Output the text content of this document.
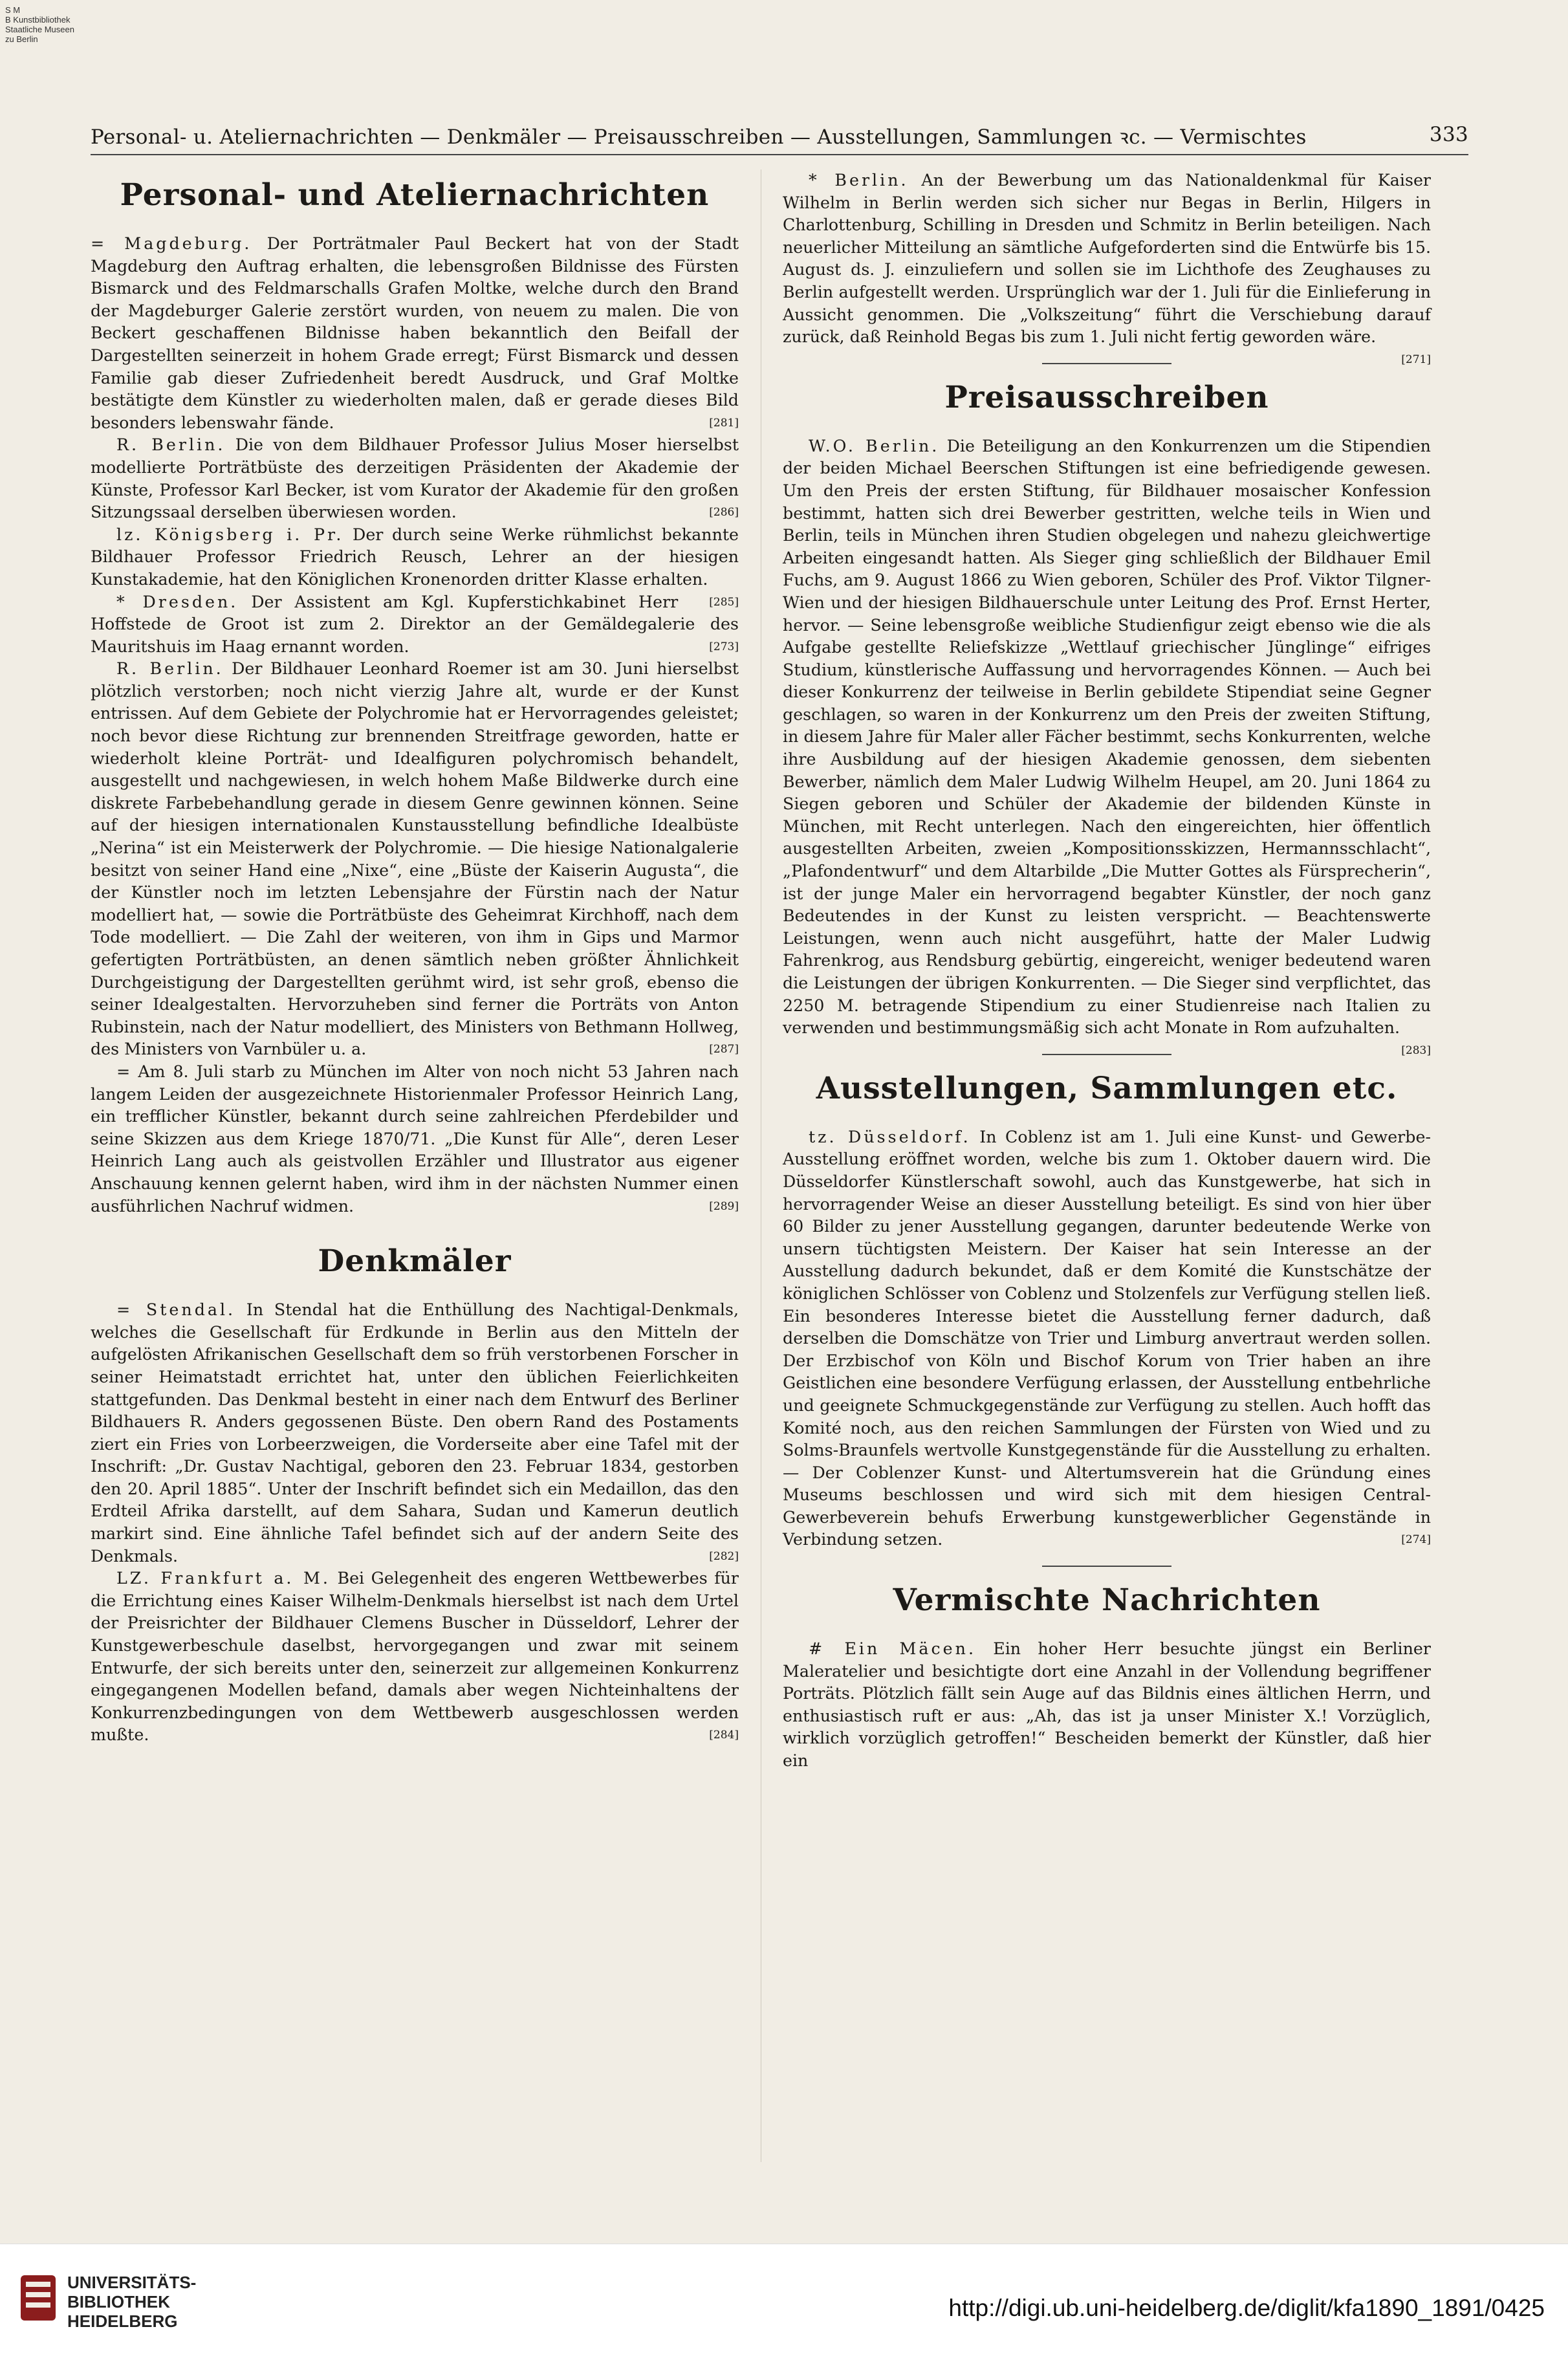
S M
B Kunstbibliothek
Staatliche Museen
zu Berlin
Personal- u. Ateliernachrichten — Denkmäler — Preisausschreiben — Ausstellungen, Sammlungen ꝛc. — Vermischtes	333
Personal- und Ateliernachrichten

= Magdeburg. Der Porträtmaler Paul Beckert hat von der Stadt Magdeburg den Auftrag erhalten, die lebensgroßen Bildnisse des Fürsten Bismarck und des Feldmarschalls Grafen Moltke, welche durch den Brand der Magdeburger Galerie zerstört wurden, von neuem zu malen. Die von Beckert geschaffenen Bildnisse haben bekanntlich den Beifall der Dargestellten seinerzeit in hohem Grade erregt; Fürst Bismarck und dessen Familie gab dieser Zufriedenheit beredt Ausdruck, und Graf Moltke bestätigte dem Künstler zu wiederholten malen, daß er gerade dieses Bild besonders lebenswahr fände.	[281]

R. Berlin. Die von dem Bildhauer Professor Julius Moser hierselbst modellierte Porträtbüste des derzeitigen Präsidenten der Akademie der Künste, Professor Karl Becker, ist vom Kurator der Akademie für den großen Sitzungssaal derselben überwiesen worden.	[286]

lz. Königsberg i. Pr. Der durch seine Werke rühmlichst bekannte Bildhauer Professor Friedrich Reusch, Lehrer an der hiesigen Kunstakademie, hat den Königlichen Kronenorden dritter Klasse erhalten.
[285]

* Dresden. Der Assistent am Kgl. Kupferstichkabinet Herr Hoffstede de Groot ist zum 2. Direktor an der Gemäldegalerie des Mauritshuis im Haag ernannt worden.	[273]

R. Berlin. Der Bildhauer Leonhard Roemer ist am 30. Juni hierselbst plötzlich verstorben; noch nicht vierzig Jahre alt, wurde er der Kunst entrissen. Auf dem Gebiete der Polychromie hat er Hervorragendes geleistet; noch bevor diese Richtung zur brennenden Streitfrage geworden, hatte er wiederholt kleine Porträt- und Idealfiguren polychromisch behandelt, ausgestellt und nachgewiesen, in welch hohem Maße Bildwerke durch eine diskrete Farbebehandlung gerade in diesem Genre gewinnen können. Seine auf der hiesigen internationalen Kunstausstellung befindliche Idealbüste „Nerina“ ist ein Meisterwerk der Polychromie. — Die hiesige Nationalgalerie besitzt von seiner Hand eine „Nixe“, eine „Büste der Kaiserin Augusta“, die der Künstler noch im letzten Lebensjahre der Fürstin nach der Natur modelliert hat, — sowie die Porträtbüste des Geheimrat Kirchhoff, nach dem Tode modelliert. — Die Zahl der weiteren, von ihm in Gips und Marmor gefertigten Porträtbüsten, an denen sämtlich neben größter Ähnlichkeit Durchgeistigung der Dargestellten gerühmt wird, ist sehr groß, ebenso die seiner Idealgestalten. Hervorzuheben sind ferner die Porträts von Anton Rubinstein, nach der Natur modelliert, des Ministers von Bethmann Hollweg, des Ministers von Varnbüler u. a.	[287]

= Am 8. Juli starb zu München im Alter von noch nicht 53 Jahren nach langem Leiden der ausgezeichnete Historienmaler Professor Heinrich Lang, ein trefflicher Künstler, bekannt durch seine zahlreichen Pferdebilder und seine Skizzen aus dem Kriege 1870/71. „Die Kunst für Alle“, deren Leser Heinrich Lang auch als geistvollen Erzähler und Illustrator aus eigener Anschauung kennen gelernt haben, wird ihm in der nächsten Nummer einen ausführlichen Nachruf widmen.	[289]

Denkmäler

= Stendal. In Stendal hat die Enthüllung des Nachtigal-Denkmals, welches die Gesellschaft für Erdkunde in Berlin aus den Mitteln der aufgelösten Afrikanischen Gesellschaft dem so früh verstorbenen Forscher in seiner Heimatstadt errichtet hat, unter den üblichen Feierlichkeiten stattgefunden. Das Denkmal besteht in einer nach dem Entwurf des Berliner Bildhauers R. Anders gegossenen Büste. Den obern Rand des Postaments ziert ein Fries von Lorbeerzweigen, die Vorderseite aber eine Tafel mit der Inschrift: „Dr. Gustav Nachtigal, geboren den 23. Februar 1834, gestorben den 20. April 1885“. Unter der Inschrift befindet sich ein Medaillon, das den Erdteil Afrika darstellt, auf dem Sahara, Sudan und Kamerun deutlich markirt sind. Eine ähnliche Tafel befindet sich auf der andern Seite des Denkmals.	[282]

LZ. Frankfurt a. M. Bei Gelegenheit des engeren Wettbewerbes für die Errichtung eines Kaiser Wilhelm-Denkmals hierselbst ist nach dem Urtel der Preisrichter der Bildhauer Clemens Buscher in Düsseldorf, Lehrer der Kunstgewerbeschule daselbst, hervorgegangen und zwar mit seinem Entwurfe, der sich bereits unter den, seinerzeit zur allgemeinen Konkurrenz eingegangenen Modellen befand, damals aber wegen Nichteinhaltens der Konkurrenzbedingungen von dem Wettbewerb ausgeschlossen werden mußte.	[284]

* Berlin. An der Bewerbung um das Nationaldenkmal für Kaiser Wilhelm in Berlin werden sich sicher nur Begas in Berlin, Hilgers in Charlottenburg, Schilling in Dresden und Schmitz in Berlin beteiligen. Nach neuerlicher Mitteilung an sämtliche Aufgeforderten sind die Entwürfe bis 15. August ds. J. einzuliefern und sollen sie im Lichthofe des Zeughauses zu Berlin aufgestellt werden. Ursprünglich war der 1. Juli für die Einlieferung in Aussicht genommen. Die „Volkszeitung“ führt die Verschiebung darauf zurück, daß Reinhold Begas bis zum 1. Juli nicht fertig geworden wäre.
[271]

Preisausschreiben

W.O. Berlin. Die Beteiligung an den Konkurrenzen um die Stipendien der beiden Michael Beerschen Stiftungen ist eine befriedigende gewesen. Um den Preis der ersten Stiftung, für Bildhauer mosaischer Konfession bestimmt, hatten sich drei Bewerber gestritten, welche teils in Wien und Berlin, teils in München ihren Studien obgelegen und nahezu gleichwertige Arbeiten eingesandt hatten. Als Sieger ging schließlich der Bildhauer Emil Fuchs, am 9. August 1866 zu Wien geboren, Schüler des Prof. Viktor Tilgner-Wien und der hiesigen Bildhauerschule unter Leitung des Prof. Ernst Herter, hervor. — Seine lebensgroße weibliche Studienfigur zeigt ebenso wie die als Aufgabe gestellte Reliefskizze „Wettlauf griechischer Jünglinge“ eifriges Studium, künstlerische Auffassung und hervorragendes Können. — Auch bei dieser Konkurrenz der teilweise in Berlin gebildete Stipendiat seine Gegner geschlagen, so waren in der Konkurrenz um den Preis der zweiten Stiftung, in diesem Jahre für Maler aller Fächer bestimmt, sechs Konkurrenten, welche ihre Ausbildung auf der hiesigen Akademie genossen, dem siebenten Bewerber, nämlich dem Maler Ludwig Wilhelm Heupel, am 20. Juni 1864 zu Siegen geboren und Schüler der Akademie der bildenden Künste in München, mit Recht unterlegen. Nach den eingereichten, hier öffentlich ausgestellten Arbeiten, zweien „Kompositionsskizzen, Hermannsschlacht“, „Plafondentwurf“ und dem Altarbilde „Die Mutter Gottes als Fürsprecherin“, ist der junge Maler ein hervorragend begabter Künstler, der noch ganz Bedeutendes in der Kunst zu leisten verspricht. — Beachtenswerte Leistungen, wenn auch nicht ausgeführt, hatte der Maler Ludwig Fahrenkrog, aus Rendsburg gebürtig, eingereicht, weniger bedeutend waren die Leistungen der übrigen Konkurrenten. — Die Sieger sind verpflichtet, das 2250 M. betragende Stipendium zu einer Studienreise nach Italien zu verwenden und bestimmungsmäßig sich acht Monate in Rom aufzuhalten.
[283]

Ausstellungen, Sammlungen etc.

tz. Düsseldorf. In Coblenz ist am 1. Juli eine Kunst- und Gewerbe-Ausstellung eröffnet worden, welche bis zum 1. Oktober dauern wird. Die Düsseldorfer Künstlerschaft sowohl, auch das Kunstgewerbe, hat sich in hervorragender Weise an dieser Ausstellung beteiligt. Es sind von hier über 60 Bilder zu jener Ausstellung gegangen, darunter bedeutende Werke von unsern tüchtigsten Meistern. Der Kaiser hat sein Interesse an der Ausstellung dadurch bekundet, daß er dem Komité die Kunstschätze der königlichen Schlösser von Coblenz und Stolzenfels zur Verfügung stellen ließ. Ein besonderes Interesse bietet die Ausstellung ferner dadurch, daß derselben die Domschätze von Trier und Limburg anvertraut werden sollen. Der Erzbischof von Köln und Bischof Korum von Trier haben an ihre Geistlichen eine besondere Verfügung erlassen, der Ausstellung entbehrliche und geeignete Schmuckgegenstände zur Verfügung zu stellen. Auch hofft das Komité noch, aus den reichen Sammlungen der Fürsten von Wied und zu Solms-Braunfels wertvolle Kunstgegenstände für die Ausstellung zu erhalten. — Der Coblenzer Kunst- und Altertumsverein hat die Gründung eines Museums beschlossen und wird sich mit dem hiesigen Central-Gewerbeverein behufs Erwerbung kunstgewerblicher Gegenstände in Verbindung setzen.	[274]

Vermischte Nachrichten

# Ein Mäcen. Ein hoher Herr besuchte jüngst ein Berliner Maleratelier und besichtigte dort eine Anzahl in der Vollendung begriffener Porträts. Plötzlich fällt sein Auge auf das Bildnis eines ältlichen Herrn, und enthusiastisch ruft er aus: „Ah, das ist ja unser Minister X.! Vorzüglich, wirklich vorzüglich getroffen!“ Bescheiden bemerkt der Künstler, daß hier ein

UNIVERSITÄTS-
BIBLIOTHEK
HEIDELBERG	http://digi.ub.uni-heidelberg.de/diglit/kfa1890_1891/0425
